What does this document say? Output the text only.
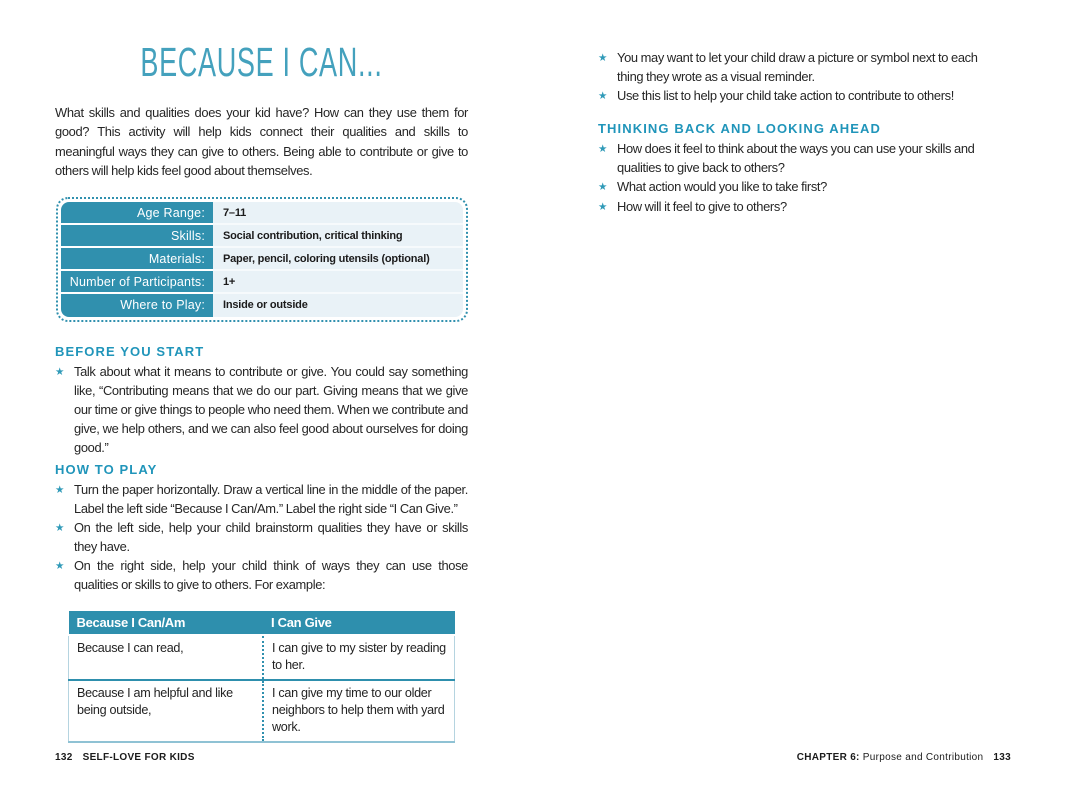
BECAUSE I CAN...

What skills and qualities does your kid have? How can they use them for good? This activity will help kids connect their qualities and skills to meaningful ways they can give to others. Being able to contribute or give to others will help kids feel good about themselves.

Age Range:	7–11
Skills:	Social contribution, critical thinking
Materials:	Paper, pencil, coloring utensils (optional)
Number of Participants:	1+
Where to Play:	Inside or outside
BEFORE YOU START
★

Talk about what it means to contribute or give. You could say something like, “Contributing means that we do our part. Giving means that we give our time or give things to people who need them. When we contribute and give, we help others, and we can also feel good about ourselves for doing good.”

HOW TO PLAY
★

Turn the paper horizontally. Draw a vertical line in the middle of the paper. Label the left side “Because I Can/Am.” Label the right side “I Can Give.”

★

On the left side, help your child brainstorm qualities they have or skills they have.

★

On the right side, help your child think of ways they can use those qualities or skills to give to others. For example:

Because I Can/Am	I Can Give
Because I can read,	I can give to my sister by reading to her.
Because I am helpful and like being outside,	I can give my time to our older neighbors to help them with yard work.
★

You may want to let your child draw a picture or symbol next to each thing they wrote as a visual reminder.

★

Use this list to help your child take action to contribute to others!

THINKING BACK AND LOOKING AHEAD
★

How does it feel to think about the ways you can use your skills and qualities to give back to others?

★

What action would you like to take first?

★

How will it feel to give to others?

132 SELF-LOVE FOR KIDS	CHAPTER 6: Purpose and Contribution 133
